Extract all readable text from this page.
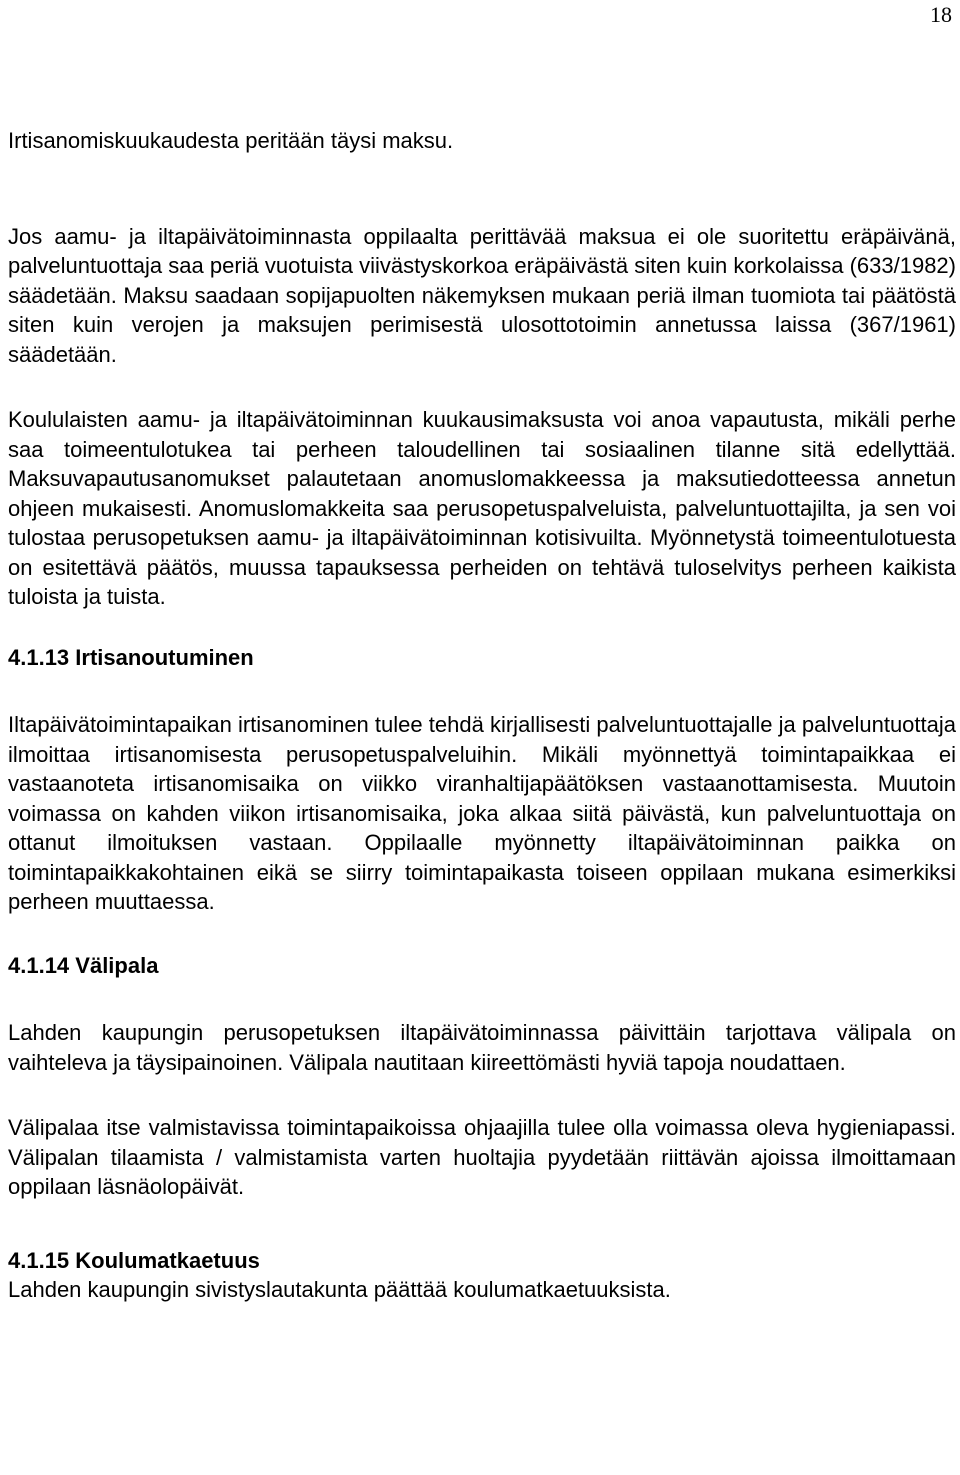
18

Irtisanomiskuukaudesta peritään täysi maksu.

Jos aamu- ja iltapäivätoiminnasta oppilaalta perittävää maksua ei ole suoritettu eräpäivänä, palveluntuottaja saa periä vuotuista viivästyskorkoa eräpäivästä siten kuin korkolaissa (633/1982) säädetään. Maksu saadaan sopijapuolten näkemyksen mukaan periä ilman tuomiota tai päätöstä siten kuin verojen ja maksujen perimisestä ulosottotoimin annetussa laissa (367/1961) säädetään.

Koululaisten aamu- ja iltapäivätoiminnan kuukausimaksusta voi anoa vapautusta, mikäli perhe saa toimeentulotukea tai perheen taloudellinen tai sosiaalinen tilanne sitä edellyttää. Maksuvapautusanomukset palautetaan anomuslomakkeessa ja maksutiedotteessa annetun ohjeen mukaisesti. Anomuslomakkeita saa perusopetuspalveluista, palveluntuottajilta, ja sen voi tulostaa perusopetuksen aamu- ja iltapäivätoiminnan kotisivuilta. Myönnetystä toimeentulotuesta on esitettävä päätös, muussa tapauksessa perheiden on tehtävä tuloselvitys perheen kaikista tuloista ja tuista.

4.1.13 Irtisanoutuminen

Iltapäivätoimintapaikan irtisanominen tulee tehdä kirjallisesti palveluntuottajalle ja palveluntuottaja ilmoittaa irtisanomisesta perusopetuspalveluihin. Mikäli myönnettyä toimintapaikkaa ei vastaanoteta irtisanomisaika on viikko viranhaltijapäätöksen vastaanottamisesta. Muutoin voimassa on kahden viikon irtisanomisaika, joka alkaa siitä päivästä, kun palveluntuottaja on ottanut ilmoituksen vastaan. Oppilaalle myönnetty iltapäivätoiminnan paikka on toimintapaikkakohtainen eikä se siirry toimintapaikasta toiseen oppilaan mukana esimerkiksi perheen muuttaessa.

4.1.14 Välipala

Lahden kaupungin perusopetuksen iltapäivätoiminnassa päivittäin tarjottava välipala on vaihteleva ja täysipainoinen. Välipala nautitaan kiireettömästi hyviä tapoja noudattaen.

Välipalaa itse valmistavissa toimintapaikoissa ohjaajilla tulee olla voimassa oleva hygieniapassi. Välipalan tilaamista / valmistamista varten huoltajia pyydetään riittävän ajoissa ilmoittamaan oppilaan läsnäolopäivät.

4.1.15 Koulumatkaetuus

Lahden kaupungin sivistyslautakunta päättää koulumatkaetuuksista.
